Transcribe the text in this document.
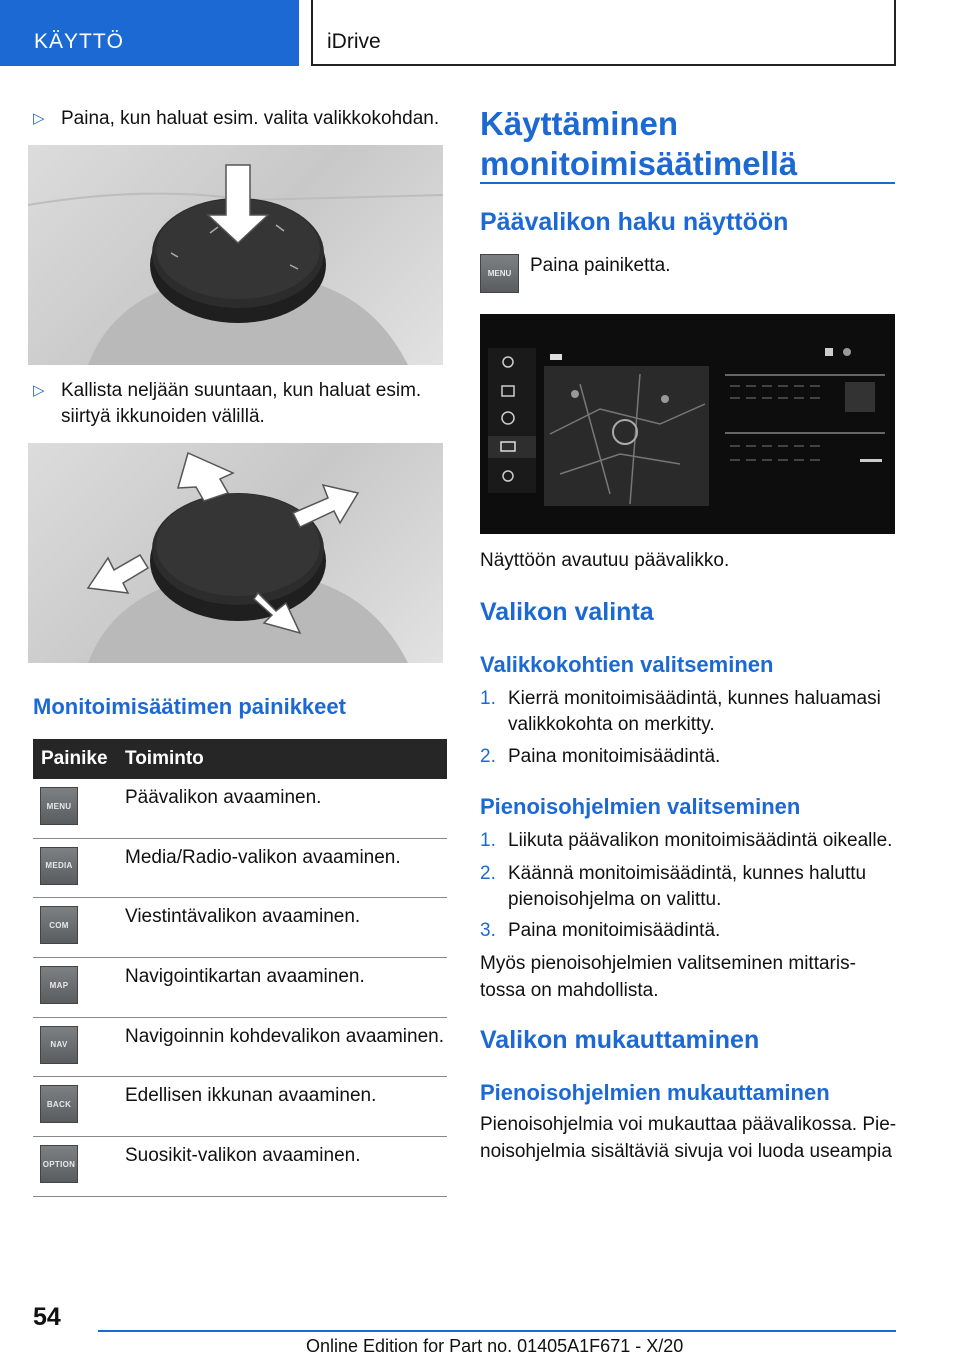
KÄYTTÖ	iDrive
▷ Paina, kun haluat esim. valita valikkokohdan.
▷ Kallista neljään suuntaan, kun haluat esim.
siirtyä ikkunoiden välillä.
Monitoimisäätimen painikkeet
Painike Toiminto
MENU	Päävalikon avaaminen.
MEDIA	Media/Radio-valikon avaaminen.
COM	Viestintävalikon avaaminen.
MAP	Navigointikartan avaaminen.
NAV	Navigoinnin kohdevalikon avaaminen.
BACK	Edellisen ikkunan avaaminen.
OPTION	Suosikit-valikon avaaminen.
Käyttäminen
monitoimisäätimellä
Päävalikon haku näyttöön
MENU Paina painiketta.
Näyttöön avautuu päävalikko.
Valikon valinta
Valikkokohtien valitseminen
1. Kierrä monitoimisäädintä, kunnes haluamasi
valikkokohta on merkitty.
2. Paina monitoimisäädintä.
Pienoisohjelmien valitseminen
1. Liikuta päävalikon monitoimisäädintä oikealle.
2. Käännä monitoimisäädintä, kunnes haluttu
pienoisohjelma on valittu.
3. Paina monitoimisäädintä.
Myös pienoisohjelmien valitseminen mittaris-
tossa on mahdollista.
Valikon mukauttaminen
Pienoisohjelmien mukauttaminen
Pienoisohjelmia voi mukauttaa päävalikossa. Pie-
noisohjelmia sisältäviä sivuja voi luoda useampia
54
Online Edition for Part no. 01405A1F671 - X/20
